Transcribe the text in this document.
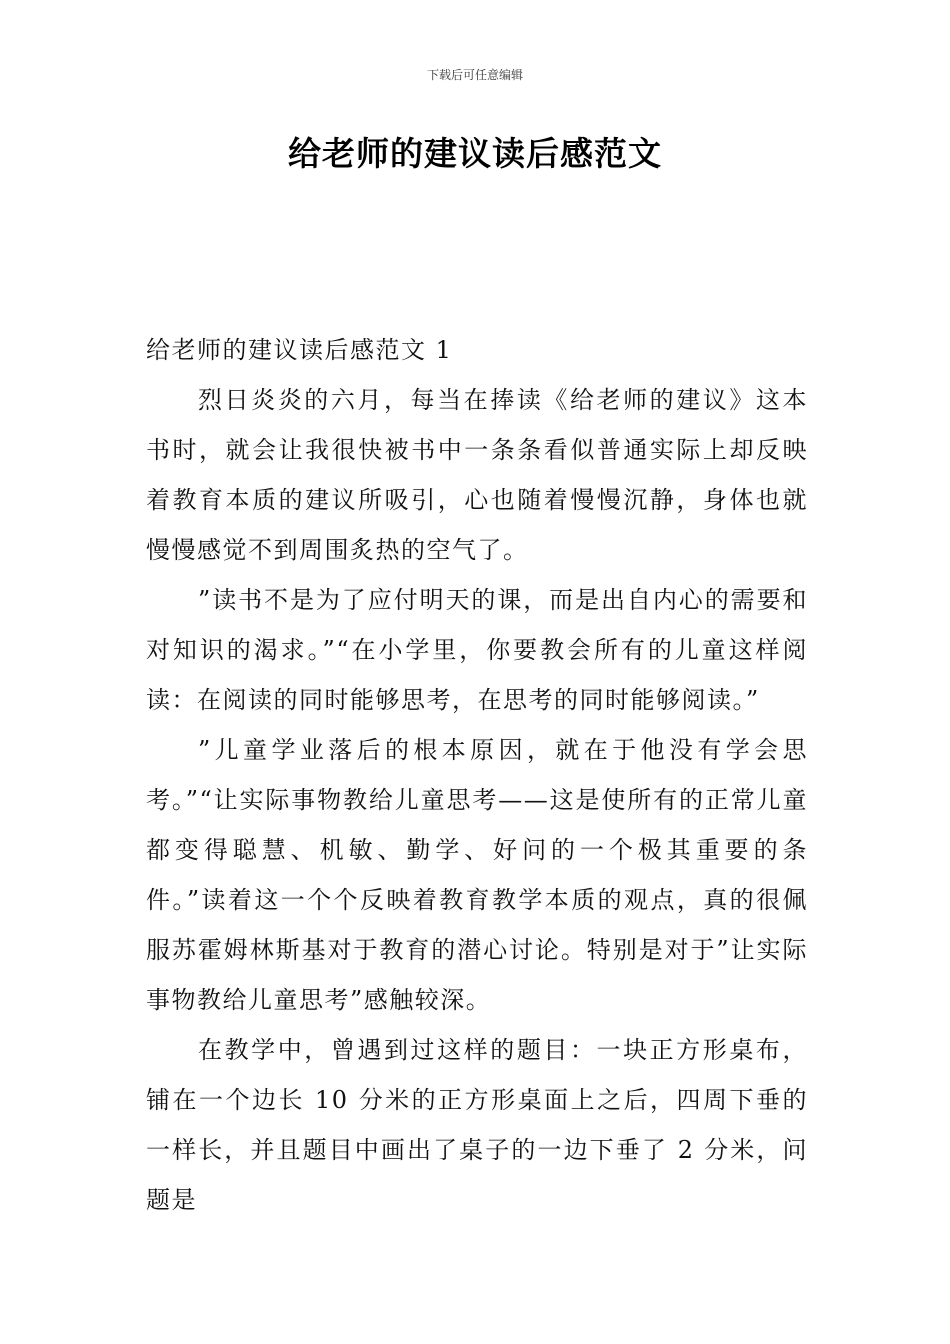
下载后可任意编辑
给老师的建议读后感范文

给老师的建议读后感范文 1

烈日炎炎的六月，每当在捧读《给老师的建议》这本书时，就会让我很快被书中一条条看似普通实际上却反映着教育本质的建议所吸引，心也随着慢慢沉静，身体也就慢慢感觉不到周围炙热的空气了。

”读书不是为了应付明天的课，而是出自内心的需要和对知识的渴求。”“在小学里，你要教会所有的儿童这样阅读：在阅读的同时能够思考，在思考的同时能够阅读。”

”儿童学业落后的根本原因，就在于他没有学会思考。”“让实际事物教给儿童思考——这是使所有的正常儿童都变得聪慧、机敏、勤学、好问的一个极其重要的条件。”读着这一个个反映着教育教学本质的观点，真的很佩服苏霍姆林斯基对于教育的潜心讨论。特别是对于”让实际事物教给儿童思考”感触较深。

在教学中，曾遇到过这样的题目：一块正方形桌布，铺在一个边长 10 分米的正方形桌面上之后，四周下垂的一样长，并且题目中画出了桌子的一边下垂了 2 分米，问题是
